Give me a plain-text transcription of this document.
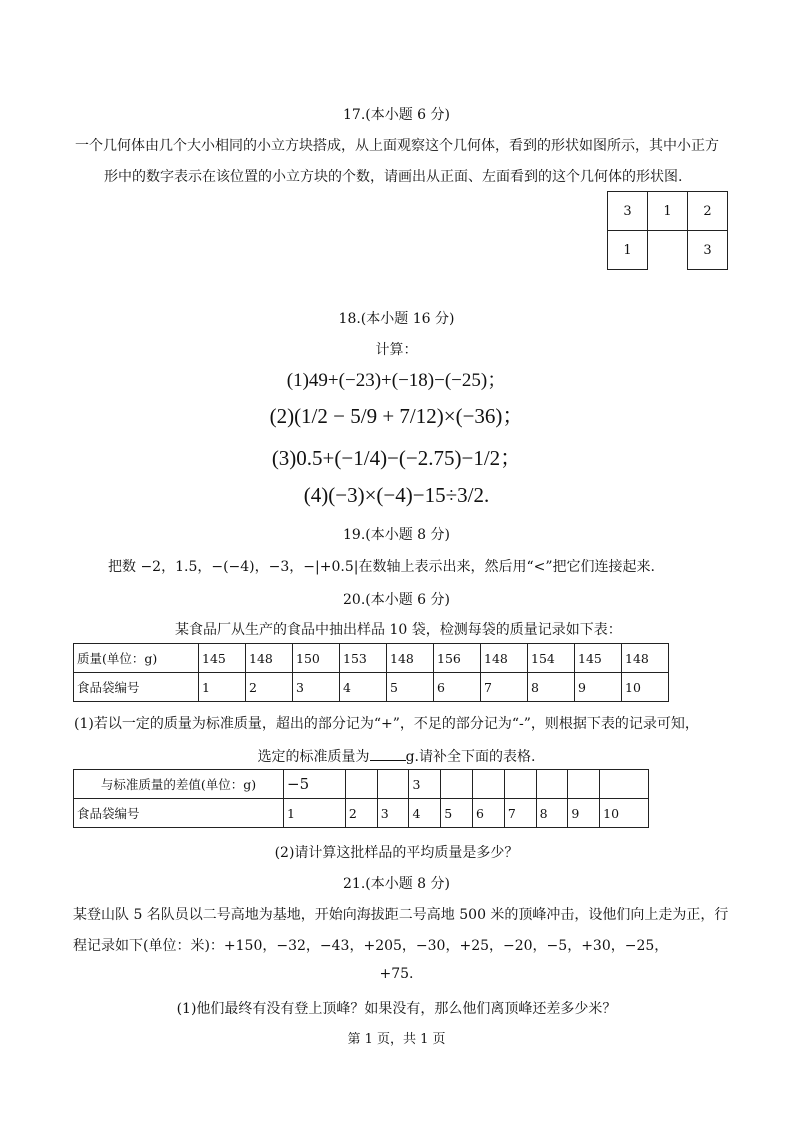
17.(本小题 6 分)
一个几何体由几个大小相同的小立方块搭成，从上面观察这个几何体，看到的形状如图所示，其中小正方
形中的数字表示在该位置的小立方块的个数，请画出从正面、左面看到的这个几何体的形状图.
3	1	2
1		3
18.(本小题 16 分)
计算：
(1)49+(−23)+(−18)−(−25)；
(2)(1/2 − 5/9 + 7/12)×(−36)；
(3)0.5+(−1/4)−(−2.75)−1/2；
(4)(−3)×(−4)−15÷3/2.
19.(本小题 8 分)
把数 −2，1.5，−(−4)，−3，−|+0.5|在数轴上表示出来，然后用“<”把它们连接起来.
20.(本小题 6 分)
某食品厂从生产的食品中抽出样品 10 袋，检测每袋的质量记录如下表：
质量(单位：g)	145	148	150	153	148	156	148	154	145	148
食品袋编号	1	2	3	4	5	6	7	8	9	10
(1)若以一定的质量为标准质量，超出的部分记为“+”，不足的部分记为“-”，则根据下表的记录可知，
选定的标准质量为	g.请补全下面的表格.
与标准质量的差值(单位：g)	−5			3						
食品袋编号	1	2	3	4	5	6	7	8	9	10
(2)请计算这批样品的平均质量是多少？
21.(本小题 8 分)
某登山队 5 名队员以二号高地为基地，开始向海拔距二号高地 500 米的顶峰冲击，设他们向上走为正，行
程记录如下(单位：米)：+150，−32，−43，+205，−30，+25，−20，−5，+30，−25，
+75.
(1)他们最终有没有登上顶峰？如果没有，那么他们离顶峰还差多少米？
第 1 页，共 1 页
